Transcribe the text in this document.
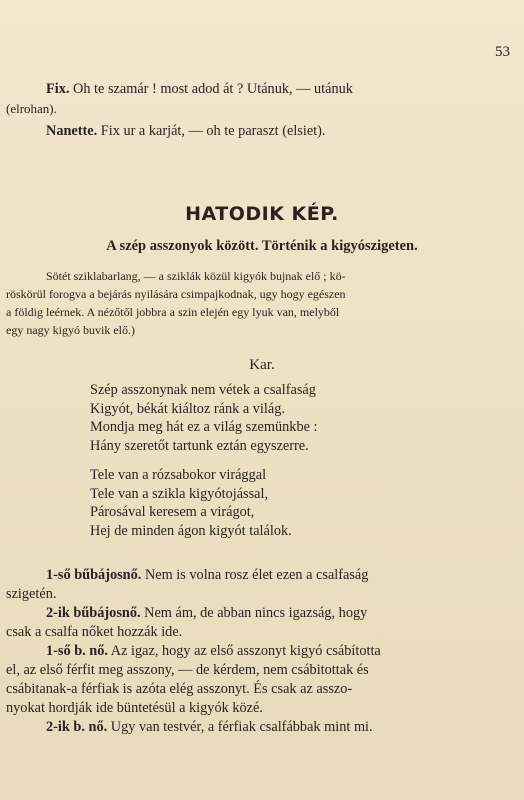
53

Fix. Oh te szamár ! most adod át ? Utánuk, — utánuk

(elrohan).

Nanette. Fix ur a karját, — oh te paraszt (elsiet).

HATODIK KÉP.
A szép asszonyok között. Történik a kigyószigeten.

Sötét sziklabarlang, — a sziklák közül kigyók bujnak elő ; kö-

röskörül forogva a bejárás nyilására csimpajkodnak, ugy hogy egészen

a földig leérnek. A nézőtől jobbra a szin elején egy lyuk van, melyből

egy nagy kigyó buvik elő.)

Kar.
Szép asszonynak nem vétek a csalfaság
Kigyót, békát kiáltoz ránk a világ.
Mondja meg hát ez a világ szemünkbe :
Hány szeretőt tartunk eztán egyszerre.
Tele van a rózsabokor virággal
Tele van a szikla kigyótojással,
Párosával keresem a virágot,
Hej de minden ágon kigyót találok.

1-ső bűbájosnő. Nem is volna rosz élet ezen a csalfaság

szigetén.

2-ik bűbájosnő. Nem ám, de abban nincs igazság, hogy

csak a csalfa nőket hozzák ide.

1-ső b. nő. Az igaz, hogy az első asszonyt kigyó csábította

el, az első férfit meg asszony, — de kérdem, nem csábitottak és

csábitanak-a férfiak is azóta elég asszonyt. És csak az asszo-

nyokat hordják ide büntetésül a kigyók közé.

2-ik b. nő. Ugy van testvér, a férfiak csalfábbak mint mi.
